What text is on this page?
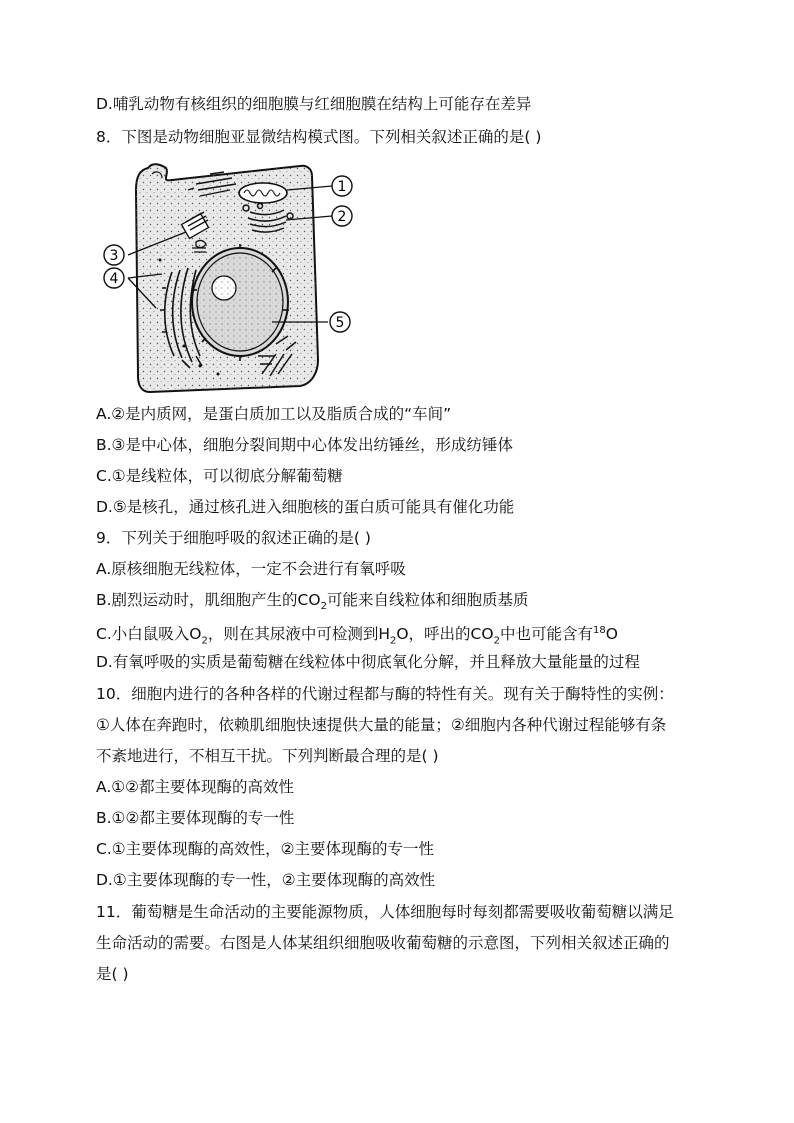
D.哺乳动物有核组织的细胞膜与红细胞膜在结构上可能存在差异
8．下图是动物细胞亚显微结构模式图。下列相关叙述正确的是( )
1
2
3
4
5
A.②是内质网，是蛋白质加工以及脂质合成的“车间”
B.③是中心体，细胞分裂间期中心体发出纺锤丝，形成纺锤体
C.①是线粒体，可以彻底分解葡萄糖
D.⑤是核孔，通过核孔进入细胞核的蛋白质可能具有催化功能
9．下列关于细胞呼吸的叙述正确的是( )
A.原核细胞无线粒体，一定不会进行有氧呼吸
B.剧烈运动时，肌细胞产生的$CO_2$可能来自线粒体和细胞质基质
C.小白鼠吸入$O_2$，则在其尿液中可检测到$H_2O$，呼出的$CO_2$中也可能含有$^{18}$O
D.有氧呼吸的实质是葡萄糖在线粒体中彻底氧化分解，并且释放大量能量的过程
10．细胞内进行的各种各样的代谢过程都与酶的特性有关。现有关于酶特性的实例：
①人体在奔跑时，依赖肌细胞快速提供大量的能量；②细胞内各种代谢过程能够有条
不紊地进行，不相互干扰。下列判断最合理的是( )
A.①②都主要体现酶的高效性
B.①②都主要体现酶的专一性
C.①主要体现酶的高效性，②主要体现酶的专一性
D.①主要体现酶的专一性，②主要体现酶的高效性
11．葡萄糖是生命活动的主要能源物质，人体细胞每时每刻都需要吸收葡萄糖以满足
生命活动的需要。右图是人体某组织细胞吸收葡萄糖的示意图，下列相关叙述正确的
是( )
